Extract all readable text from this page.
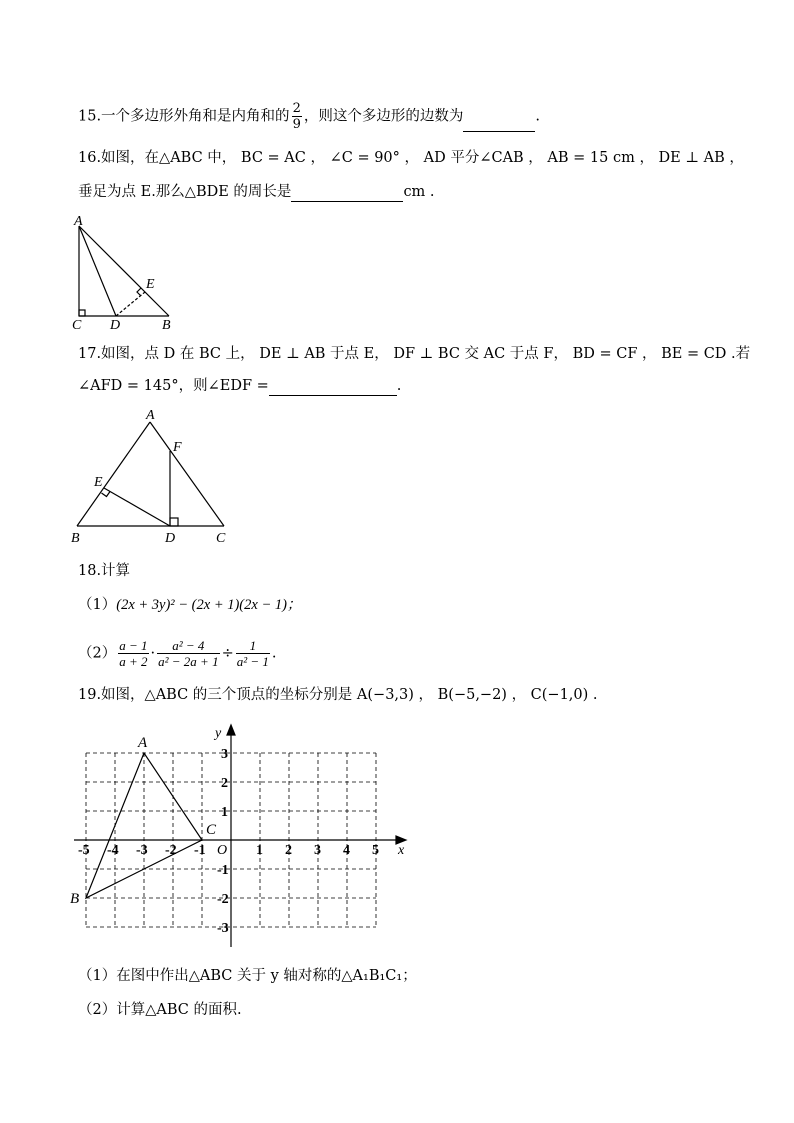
15.一个多边形外角和是内角和的 $\frac{2}{9}$ ，则这个多边形的边数为	.
16.如图，在△ABC 中， BC = AC ， ∠C = 90° ， AD 平分∠CAB ， AB = 15 cm ， DE ⊥ AB ，
垂足为点 E.那么△BDE 的周长是	cm .
A
C D	B
E
17.如图，点 D 在 BC 上， DE ⊥ AB 于点 E， DF ⊥ BC 交 AC 于点 F， BD = CF ， BE = CD .若
∠AFD = 145°，则∠EDF =	.
A
F
E
B	D	C
18.计算
（1）(2x + 3y)² − (2x + 1)(2x − 1)；
$(2) \frac{a - 1}{a + 2} \cdot \frac{\text{a² − 4}}{\text{a² − 2a + 1}} \div \frac{1}{\text{a² − 1}}$ .
19.如图，△ABC 的三个顶点的坐标分别是 A(−3,3) ， B(−5,−2) ， C(−1,0) .
-5 -4 -3 -2 -1	1 2 3 4 5
3
2
1
-1
-2
-3
O	x
y
A
B
C
（1）在图中作出△ABC 关于 y 轴对称的△A₁B₁C₁；
（2）计算△ABC 的面积.
